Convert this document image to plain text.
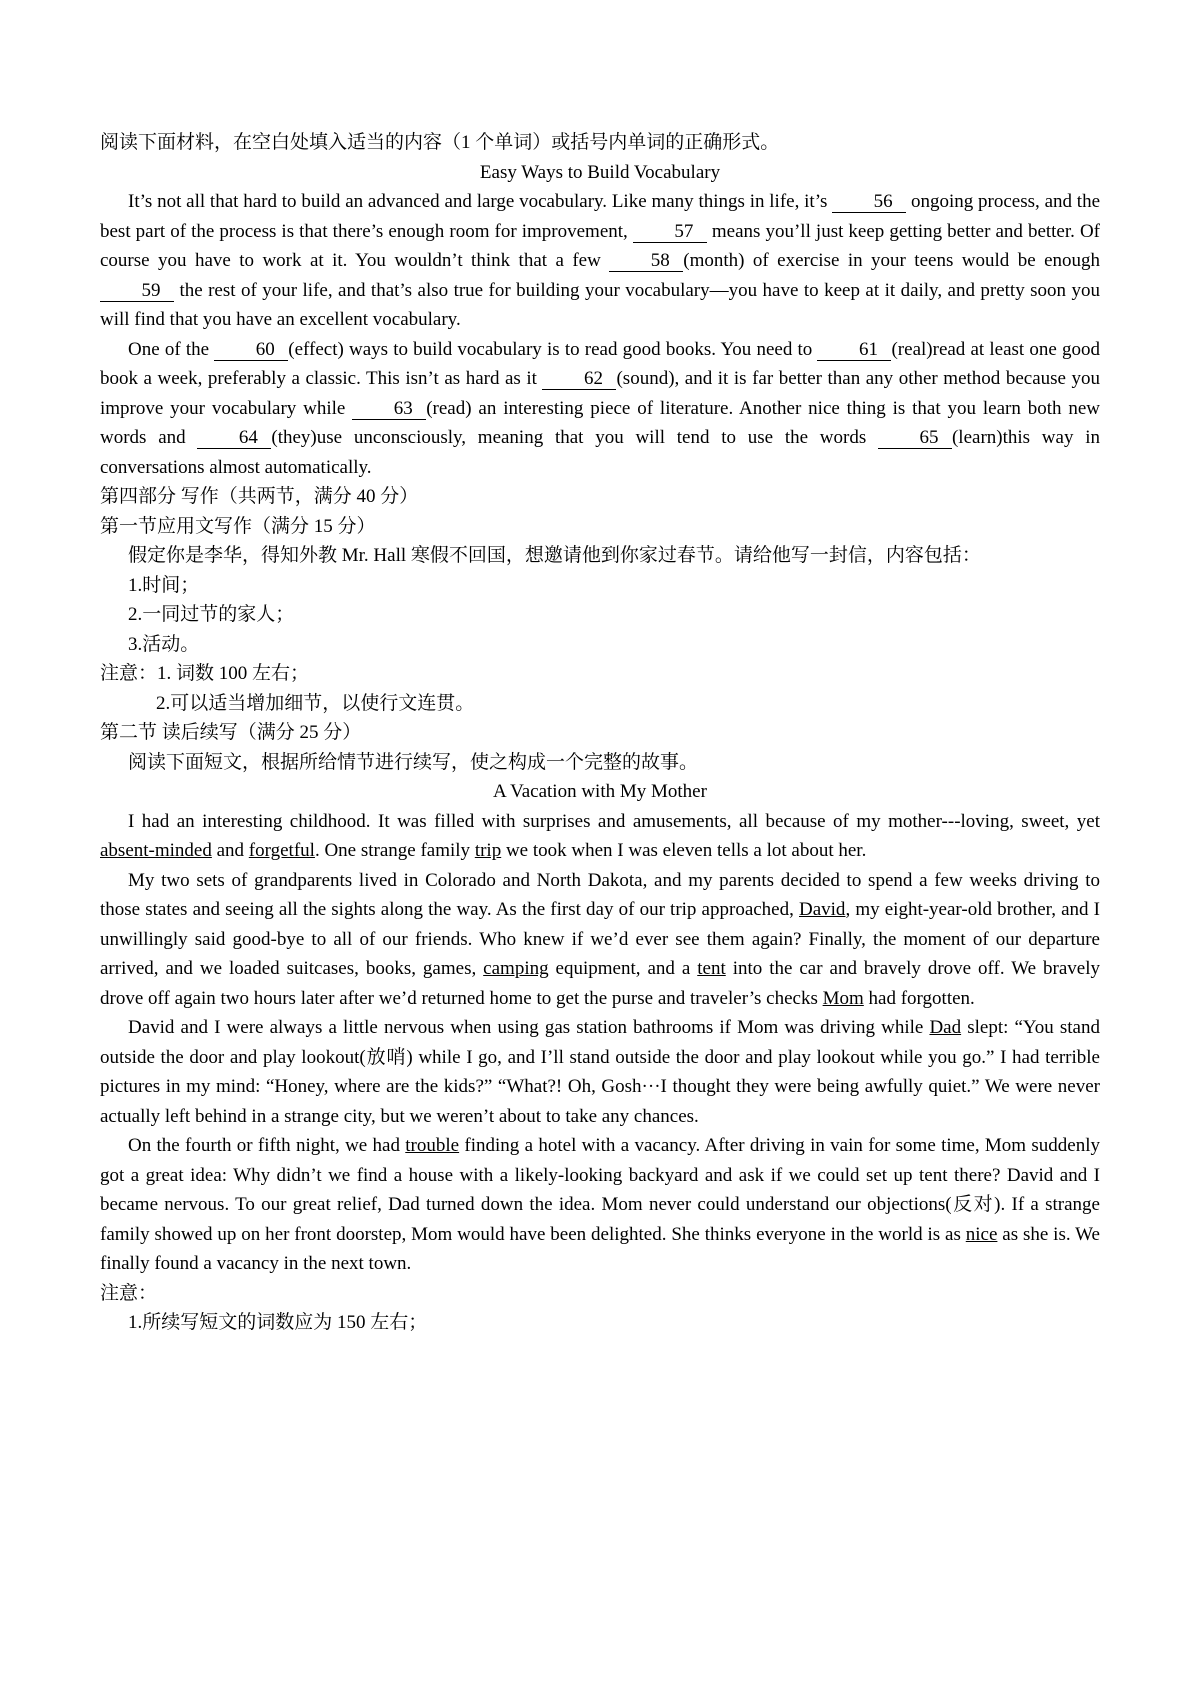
阅读下面材料，在空白处填入适当的内容（1 个单词）或括号内单词的正确形式。
Easy Ways to Build Vocabulary

It’s not all that hard to build an advanced and large vocabulary. Like many things in life, it’s 56 ongoing process, and the best part of the process is that there’s enough room for improvement, 57 means you’ll just keep getting better and better. Of course you have to work at it. You wouldn’t think that a few 58 (month) of exercise in your teens would be enough 59 the rest of your life, and that’s also true for building your vocabulary—you have to keep at it daily, and pretty soon you will find that you have an excellent vocabulary.

One of the 60 (effect) ways to build vocabulary is to read good books. You need to 61 (real)read at least one good book a week, preferably a classic. This isn’t as hard as it 62 (sound), and it is far better than any other method because you improve your vocabulary while 63 (read) an interesting piece of literature. Another nice thing is that you learn both new words and 64 (they)use unconsciously, meaning that you will tend to use the words 65 (learn)this way in conversations almost automatically.

第四部分 写作（共两节，满分 40 分）
第一节应用文写作（满分 15 分）
假定你是李华，得知外教 Mr. Hall 寒假不回国，想邀请他到你家过春节。请给他写一封信，内容包括：
1.时间；
2.一同过节的家人；
3.活动。
注意：1. 词数 100 左右；
2.可以适当增加细节，以使行文连贯。
第二节 读后续写（满分 25 分）
阅读下面短文，根据所给情节进行续写，使之构成一个完整的故事。
A Vacation with My Mother

I had an interesting childhood. It was filled with surprises and amusements, all because of my mother---loving, sweet, yet absent-minded and forgetful. One strange family trip we took when I was eleven tells a lot about her.

My two sets of grandparents lived in Colorado and North Dakota, and my parents decided to spend a few weeks driving to those states and seeing all the sights along the way. As the first day of our trip approached, David, my eight-year-old brother, and I unwillingly said good-bye to all of our friends. Who knew if we’d ever see them again? Finally, the moment of our departure arrived, and we loaded suitcases, books, games, camping equipment, and a tent into the car and bravely drove off. We bravely drove off again two hours later after we’d returned home to get the purse and traveler’s checks Mom had forgotten.

David and I were always a little nervous when using gas station bathrooms if Mom was driving while Dad slept: “You stand outside the door and play lookout(放哨) while I go, and I’ll stand outside the door and play lookout while you go.” I had terrible pictures in my mind: “Honey, where are the kids?” “What?! Oh, Gosh···I thought they were being awfully quiet.” We were never actually left behind in a strange city, but we weren’t about to take any chances.

On the fourth or fifth night, we had trouble finding a hotel with a vacancy. After driving in vain for some time, Mom suddenly got a great idea: Why didn’t we find a house with a likely-looking backyard and ask if we could set up tent there? David and I became nervous. To our great relief, Dad turned down the idea. Mom never could understand our objections(反对). If a strange family showed up on her front doorstep, Mom would have been delighted. She thinks everyone in the world is as nice as she is. We finally found a vacancy in the next town.

注意：
1.所续写短文的词数应为 150 左右；
